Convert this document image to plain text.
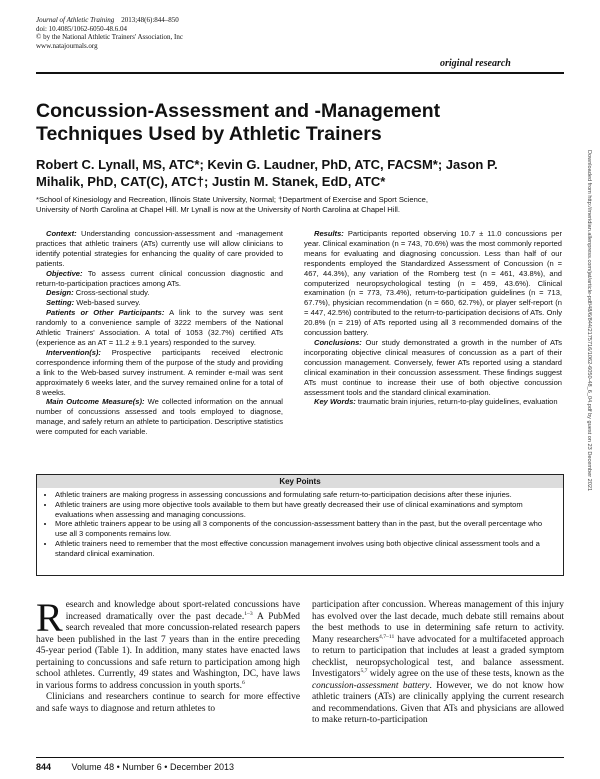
Journal of Athletic Training 2013;48(6):844–850
doi: 10.4085/1062-6050-48.6.04
© by the National Athletic Trainers' Association, Inc
www.natajournals.org
original research
Concussion-Assessment and -Management
Techniques Used by Athletic Trainers
Robert C. Lynall, MS, ATC*; Kevin G. Laudner, PhD, ATC, FACSM*; Jason P.
Mihalik, PhD, CAT(C), ATC†; Justin M. Stanek, EdD, ATC*
*School of Kinesiology and Recreation, Illinois State University, Normal; †Department of Exercise and Sport Science,
University of North Carolina at Chapel Hill. Mr Lynall is now at the University of North Carolina at Chapel Hill.

Context: Understanding concussion-assessment and -management practices that athletic trainers (ATs) currently use will allow clinicians to identify potential strategies for enhancing the quality of care provided to patients.

Objective: To assess current clinical concussion diagnostic and return-to-participation practices among ATs.

Design: Cross-sectional study.

Setting: Web-based survey.

Patients or Other Participants: A link to the survey was sent randomly to a convenience sample of 3222 members of the National Athletic Trainers' Association. A total of 1053 (32.7%) certified ATs (experience as an AT = 11.2 ± 9.1 years) responded to the survey.

Intervention(s): Prospective participants received electronic correspondence informing them of the purpose of the study and providing a link to the Web-based survey instrument. A reminder e-mail was sent approximately 6 weeks later, and the survey remained online for a total of 8 weeks.

Main Outcome Measure(s): We collected information on the annual number of concussions assessed and tools employed to diagnose, manage, and safely return an athlete to participation. Descriptive statistics were computed for each variable.

Results: Participants reported observing 10.7 ± 11.0 concussions per year. Clinical examination (n = 743, 70.6%) was the most commonly reported means for evaluating and diagnosing concussion. Less than half of our respondents employed the Standardized Assessment of Concussion (n = 467, 44.3%), any variation of the Romberg test (n = 461, 43.8%), and computerized neuropsychological testing (n = 459, 43.6%). Clinical examination (n = 773, 73.4%), return-to-participation guidelines (n = 713, 67.7%), physician recommendation (n = 660, 62.7%), or player self-report (n = 447, 42.5%) contributed to the return-to-participation decisions of ATs. Only 20.8% (n = 219) of ATs reported using all 3 recommended domains of the concussion battery.

Conclusions: Our study demonstrated a growth in the number of ATs incorporating objective clinical measures of concussion as a part of their concussion management. Conversely, fewer ATs reported using a standard clinical examination in their concussion assessment. These findings suggest ATs must continue to increase their use of both objective concussion assessment tools and the standard clinical examination.

Key Words: traumatic brain injuries, return-to-play guidelines, evaluation

Key Points
• Athletic trainers are making progress in assessing concussions and formulating safe return-to-participation decisions after these injuries.
• Athletic trainers are using more objective tools available to them but have greatly decreased their use of clinical examinations and symptom evaluations when assessing and managing concussions.
• More athletic trainers appear to be using all 3 components of the concussion-assessment battery than in the past, but the overall percentage who use all 3 components remains low.
• Athletic trainers need to remember that the most effective concussion management involves using both objective clinical assessment tools and a standard clinical examination.

Research and knowledge about sport-related concussions have increased dramatically over the past decade.$^{1-3}$ A PubMed search revealed that more concussion-related research papers have been published in the last 7 years than in the entire preceding 45-year period (Table 1). In addition, many states have enacted laws pertaining to concussions and safe return to participation among high school athletes. Currently, 49 states and Washington, DC, have laws in various forms to address concussion in youth sports.$^6$

Clinicians and researchers continue to search for more effective and safe ways to diagnose and return athletes to

participation after concussion. Whereas management of this injury has evolved over the last decade, much debate still remains about the best methods to use in determining safe return to activity. Many researchers$^{4,7-11}$ have advocated for a multifaceted approach to return to participation that includes at least a graded symptom checklist, neuropsychological test, and balance assessment. Investigators$^{5,7}$ widely agree on the use of these tests, known as the concussion-assessment battery. However, we do not know how athletic trainers (ATs) are clinically applying the current research and recommendations. Given that ATs and physicians are allowed to make return-to-participation

844 Volume 48 • Number 6 • December 2013
Downloaded from http://meridian.allenpress.com/jat/article-pdf/48/6/844/2175716/1062-6050-48_6_04.pdf by guest on 23 December 2021
